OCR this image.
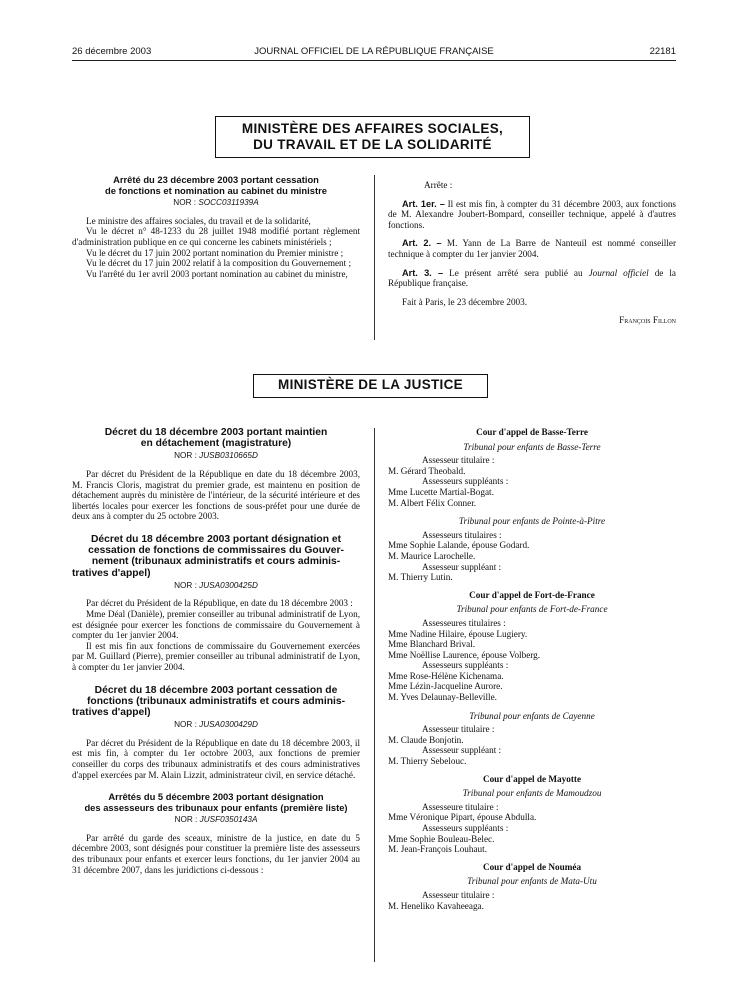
26 décembre 2003	JOURNAL OFFICIEL DE LA RÉPUBLIQUE FRANÇAISE	22181
MINISTÈRE DES AFFAIRES SOCIALES,
DU TRAVAIL ET DE LA SOLIDARITÉ
Arrêté du 23 décembre 2003 portant cessation
de fonctions et nomination au cabinet du ministre
NOR : SOCC0311939A

Le ministre des affaires sociales, du travail et de la solidarité,

Vu le décret n° 48-1233 du 28 juillet 1948 modifié portant règlement d'administration publique en ce qui concerne les cabinets ministériels ;

Vu le décret du 17 juin 2002 portant nomination du Premier ministre ;

Vu le décret du 17 juin 2002 relatif à la composition du Gouvernement ;

Vu l'arrêté du 1er avril 2003 portant nomination au cabinet du ministre,

Arrête :

Art. 1er. – Il est mis fin, à compter du 31 décembre 2003, aux fonctions de M. Alexandre Joubert-Bompard, conseiller technique, appelé à d'autres fonctions.

Art. 2. – M. Yann de La Barre de Nanteuil est nommé conseiller technique à compter du 1er janvier 2004.

Art. 3. – Le présent arrêté sera publié au Journal officiel de la République française.

Fait à Paris, le 23 décembre 2003.

François Fillon
MINISTÈRE DE LA JUSTICE
Décret du 18 décembre 2003 portant maintien
en détachement (magistrature)
NOR : JUSB0310665D

Par décret du Président de la République en date du 18 décembre 2003, M. Francis Cloris, magistrat du premier grade, est maintenu en position de détachement auprès du ministère de l'intérieur, de la sécurité intérieure et des libertés locales pour exercer les fonctions de sous-préfet pour une durée de deux ans à compter du 25 octobre 2003.

Décret du 18 décembre 2003 portant désignation et
cessation de fonctions de commissaires du Gouver-
nement (tribunaux administratifs et cours adminis-
tratives d'appel)
NOR : JUSA0300425D

Par décret du Président de la République, en date du 18 décembre 2003 :

Mme Déal (Danièle), premier conseiller au tribunal administratif de Lyon, est désignée pour exercer les fonctions de commissaire du Gouvernement à compter du 1er janvier 2004.

Il est mis fin aux fonctions de commissaire du Gouvernement exercées par M. Guillard (Pierre), premier conseiller au tribunal administratif de Lyon, à compter du 1er janvier 2004.

Décret du 18 décembre 2003 portant cessation de
fonctions (tribunaux administratifs et cours adminis-
tratives d'appel)
NOR : JUSA0300429D

Par décret du Président de la République en date du 18 décembre 2003, il est mis fin, à compter du 1er octobre 2003, aux fonctions de premier conseiller du corps des tribunaux administratifs et des cours administratives d'appel exercées par M. Alain Lizzit, administrateur civil, en service détaché.

Arrêtés du 5 décembre 2003 portant désignation
des assesseurs des tribunaux pour enfants (première liste)
NOR : JUSF0350143A

Par arrêté du garde des sceaux, ministre de la justice, en date du 5 décembre 2003, sont désignés pour constituer la première liste des assesseurs des tribunaux pour enfants et exercer leurs fonctions, du 1er janvier 2004 au 31 décembre 2007, dans les juridictions ci-dessous :

Cour d'appel de Basse-Terre
Tribunal pour enfants de Basse-Terre
Assesseur titulaire :
M. Gérard Theobald.
Assesseurs suppléants :
Mme Lucette Martial-Bogat.
M. Albert Félix Conner.
Tribunal pour enfants de Pointe-à-Pitre
Assesseurs titulaires :
Mme Sophie Lalande, épouse Godard.
M. Maurice Larochelle.
Assesseur suppléant :
M. Thierry Lutin.
Cour d'appel de Fort-de-France
Tribunal pour enfants de Fort-de-France
Assesseures titulaires :
Mme Nadine Hilaire, épouse Lugiery.
Mme Blanchard Brival.
Mme Noëllise Laurence, épouse Volberg.
Assesseurs suppléants :
Mme Rose-Hélène Kichenama.
Mme Lézin-Jacqueline Aurore.
M. Yves Delaunay-Belleville.
Tribunal pour enfants de Cayenne
Assesseur titulaire :
M. Claude Bonjotin.
Assesseur suppléant :
M. Thierry Sebelouc.
Cour d'appel de Mayotte
Tribunal pour enfants de Mamoudzou
Assesseure titulaire :
Mme Véronique Pipart, épouse Abdulla.
Assesseurs suppléants :
Mme Sophie Bouleau-Belec.
M. Jean-François Louhaut.
Cour d'appel de Nouméa
Tribunal pour enfants de Mata-Utu
Assesseur titulaire :
M. Heneliko Kavaheeaga.
